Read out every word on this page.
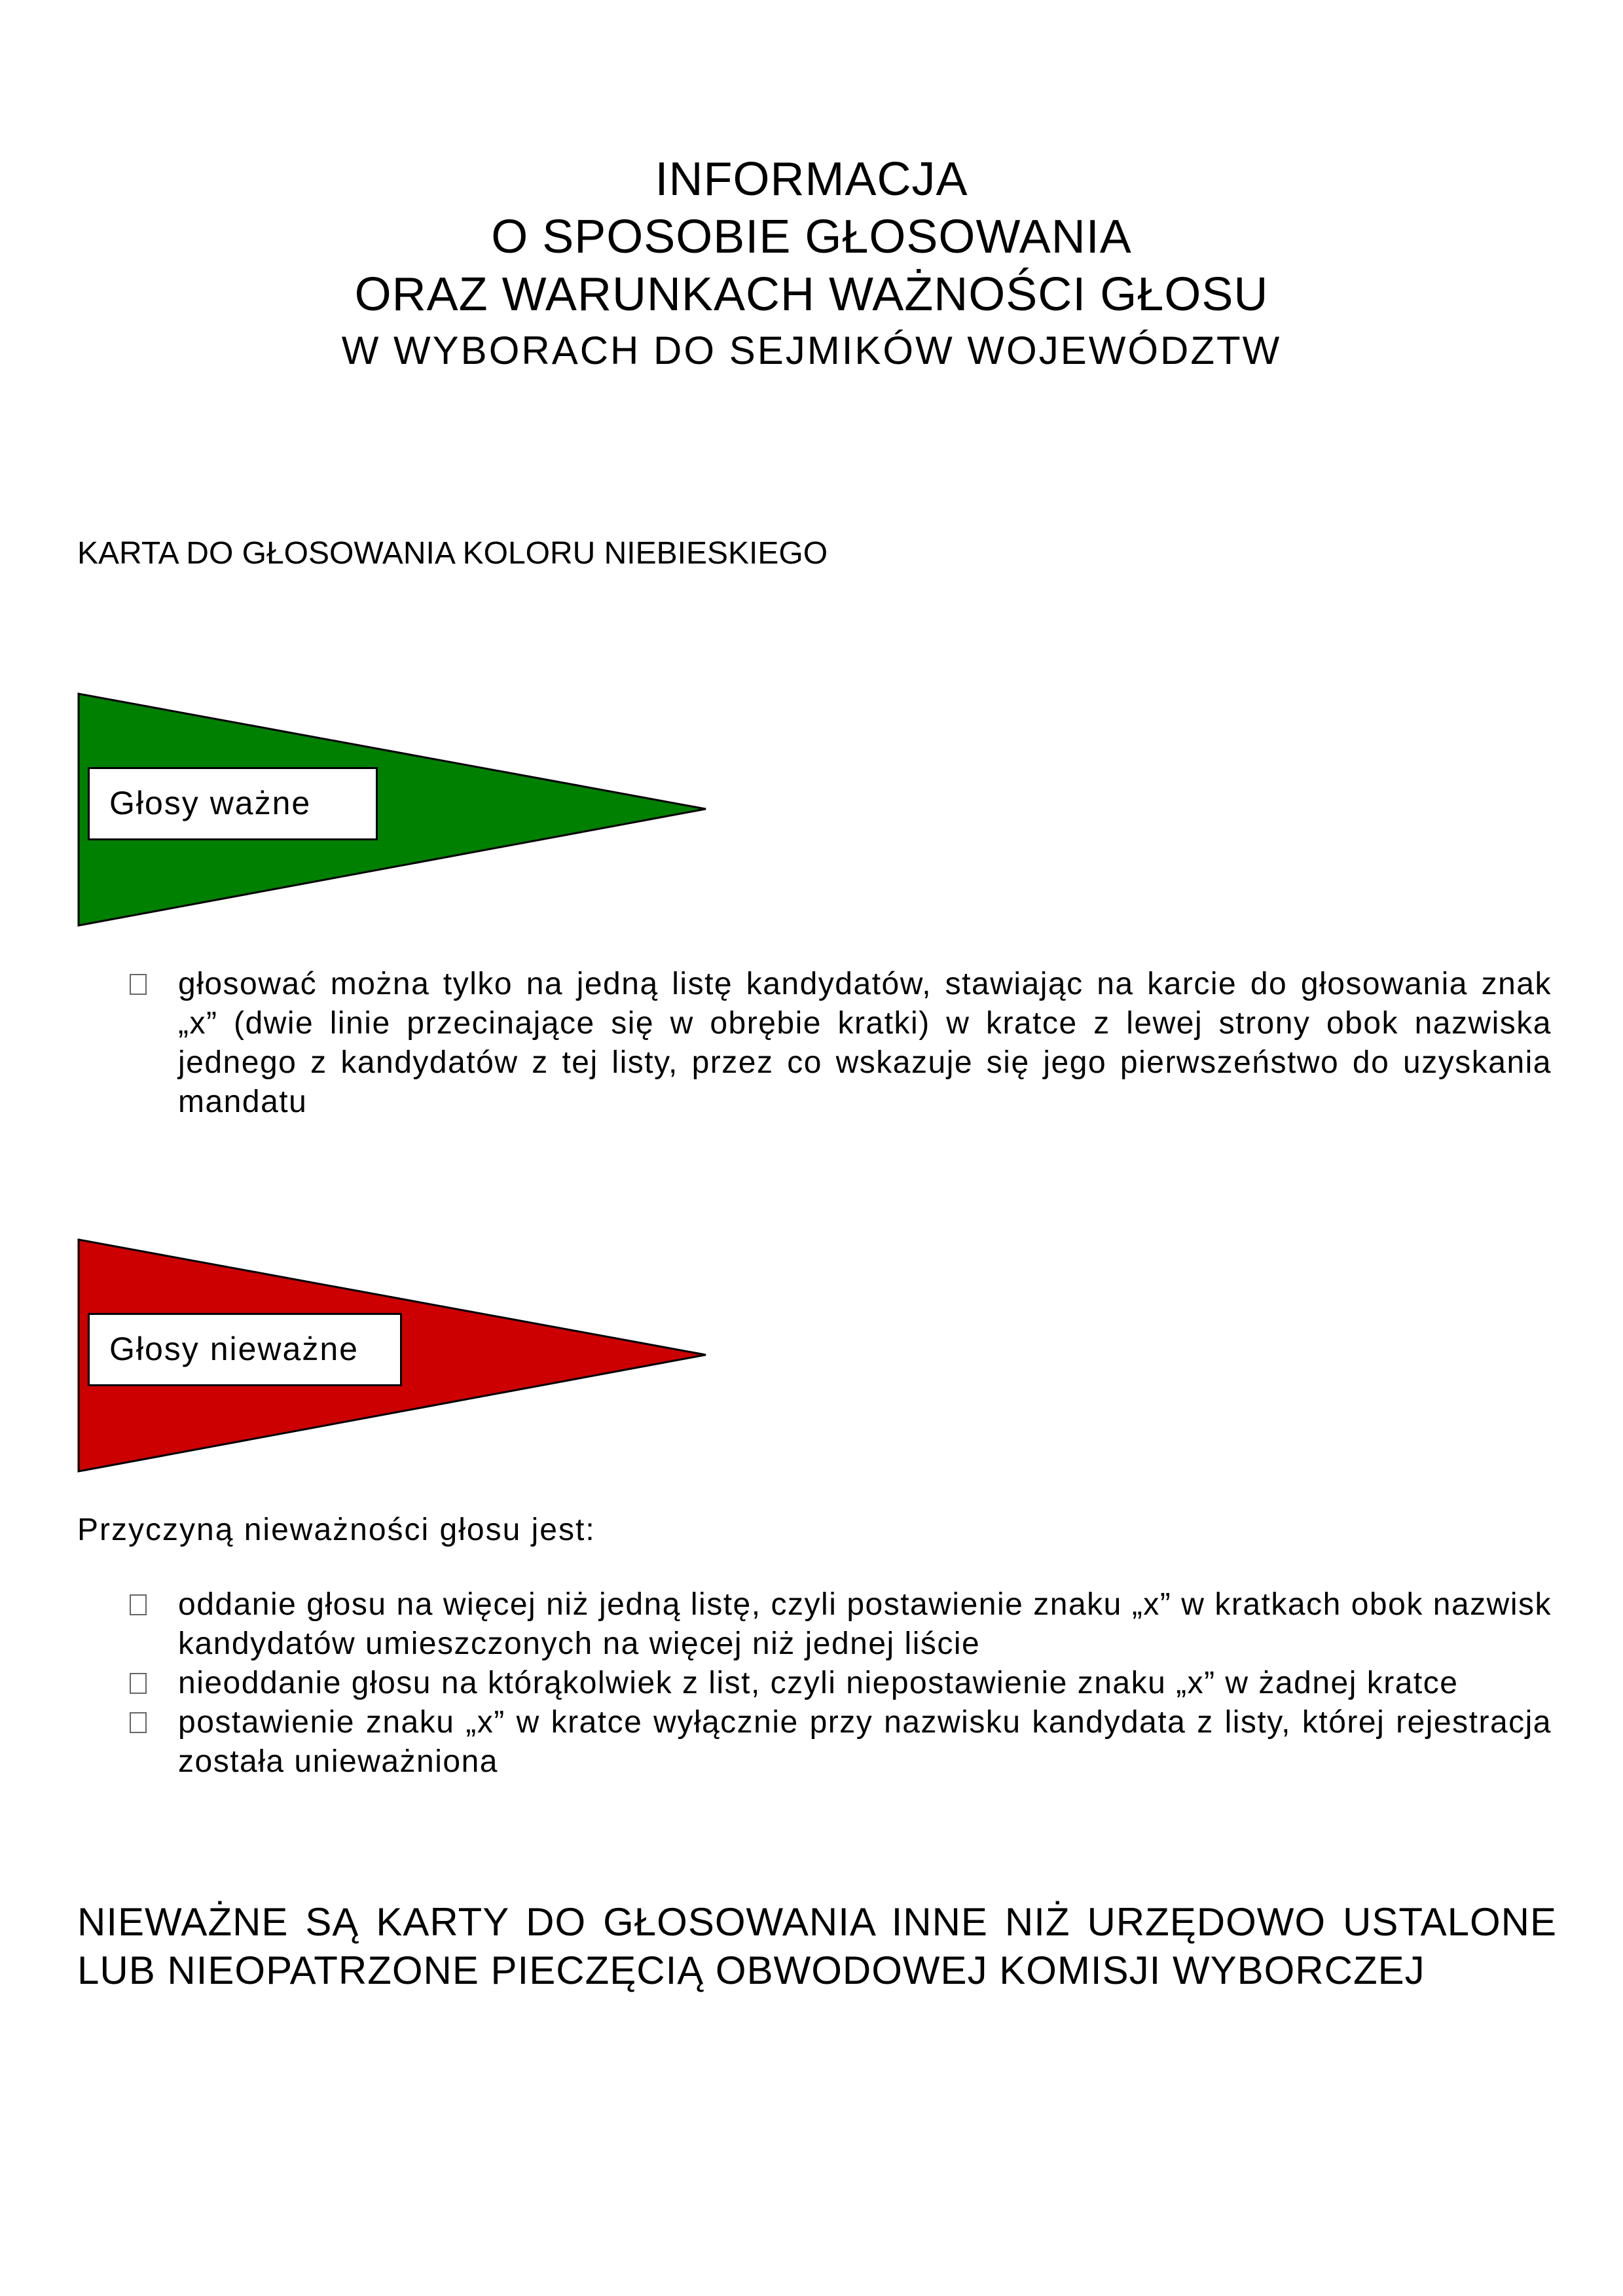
INFORMACJA
O SPOSOBIE GŁOSOWANIA
ORAZ WARUNKACH WAŻNOŚCI GŁOSU
W WYBORACH DO SEJMIKÓW WOJEWÓDZTW
KARTA DO GŁOSOWANIA KOLORU NIEBIESKIEGO
Głosy ważne
głosować można tylko na jedną listę kandydatów, stawiając na karcie do głosowania znak „x” (dwie linie przecinające się w obrębie kratki) w kratce z lewej strony obok nazwiska jednego z kandydatów z tej listy, przez co wskazuje się jego pierwszeństwo do uzyskania mandatu
Głosy nieważne
Przyczyną nieważności głosu jest:
oddanie głosu na więcej niż jedną listę, czyli postawienie znaku „x” w kratkach obok nazwisk kandydatów umieszczonych na więcej niż jednej liście
nieoddanie głosu na którąkolwiek z list, czyli niepostawienie znaku „x” w żadnej kratce
postawienie znaku „x” w kratce wyłącznie przy nazwisku kandydata z listy, której rejestracja została unieważniona
NIEWAŻNE SĄ KARTY DO GŁOSOWANIA INNE NIŻ URZĘDOWO USTALONE LUB NIEOPATRZONE PIECZĘCIĄ OBWODOWEJ KOMISJI WYBORCZEJ
